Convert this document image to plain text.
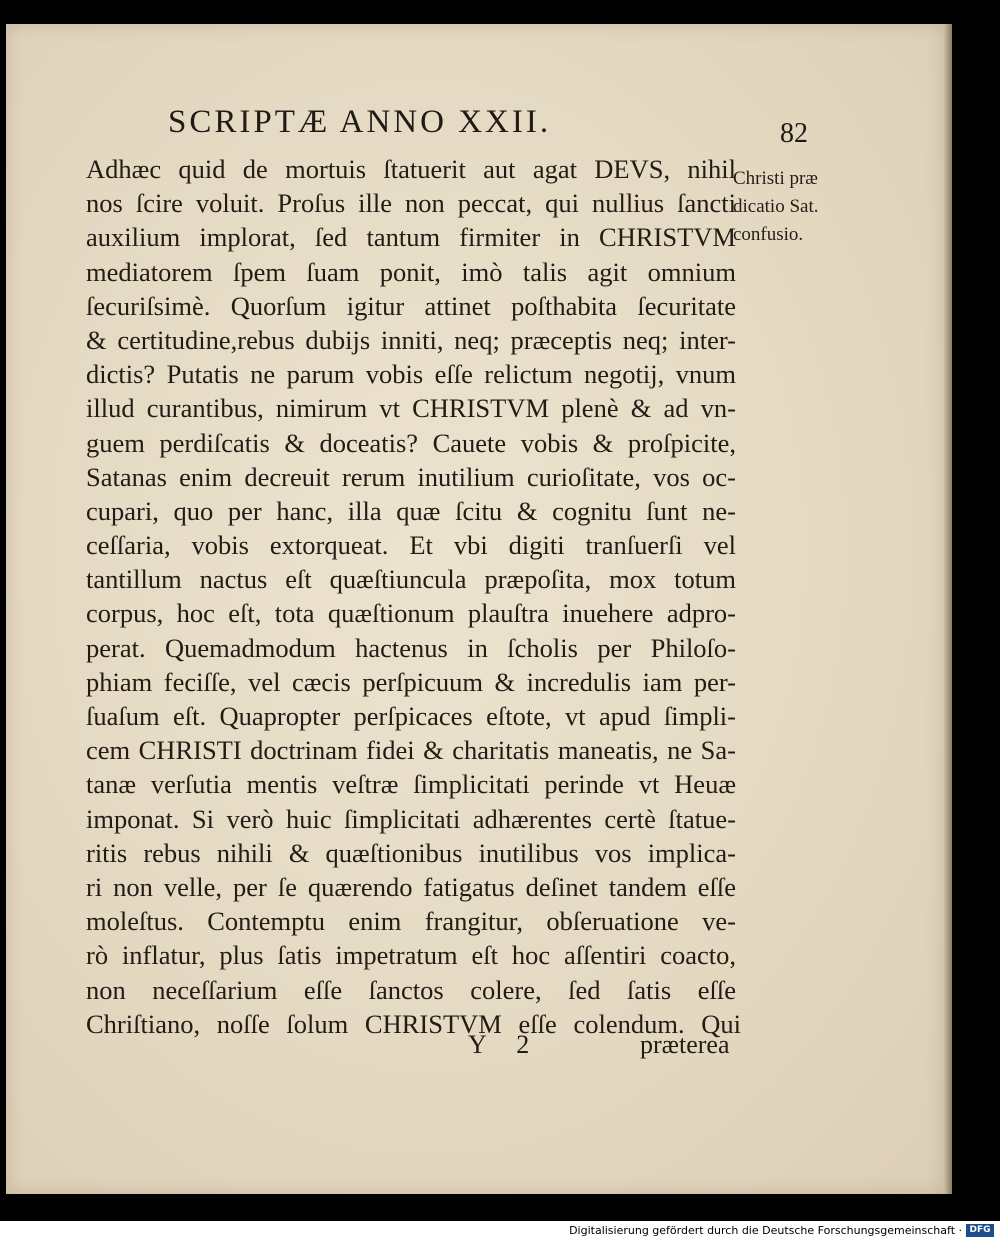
SCRIPTÆ ANNO XXII.	82
Christi præ
dicatio Sat.
confusio.
Adhæc quid de mortuis ſtatuerit aut agat DEVS, nihil
nos ſcire voluit. Proſus ille non peccat, qui nullius ſancti
auxilium implorat, ſed tantum firmiter in CHRISTVM
mediatorem ſpem ſuam ponit, imò talis agit omnium
ſecuriſsimè. Quorſum igitur attinet poſthabita ſecuritate
& certitudine,rebus dubijs inniti, neq; præceptis neq; inter-
dictis? Putatis ne parum vobis eſſe relictum negotij, vnum
illud curantibus, nimirum vt CHRISTVM plenè & ad vn-
guem perdiſcatis & doceatis? Cauete vobis & proſpicite,
Satanas enim decreuit rerum inutilium curioſitate, vos oc-
cupari, quo per hanc, illa quæ ſcitu & cognitu ſunt ne-
ceſſaria, vobis extorqueat. Et vbi digiti tranſuerſi vel
tantillum nactus eſt quæſtiuncula præpoſita, mox totum
corpus, hoc eſt, tota quæſtionum plauſtra inuehere adpro-
perat. Quemadmodum hactenus in ſcholis per Philoſo-
phiam feciſſe, vel cæcis perſpicuum & incredulis iam per-
ſuaſum eſt. Quapropter perſpicaces eſtote, vt apud ſimpli-
cem CHRISTI doctrinam fidei & charitatis maneatis, ne Sa-
tanæ verſutia mentis veſtræ ſimplicitati perinde vt Heuæ
imponat. Si verò huic ſimplicitati adhærentes certè ſtatue-
ritis rebus nihili & quæſtionibus inutilibus vos implica-
ri non velle, per ſe quærendo fatigatus deſinet tandem eſſe
moleſtus. Contemptu enim frangitur, obſeruatione ve-
rò inflatur, plus ſatis impetratum eſt hoc aſſentiri coacto,
non neceſſarium eſſe ſanctos colere, ſed ſatis eſſe
Chriſtiano, noſſe ſolum CHRISTVM eſſe colendum. Qui
Y 2	præterea
Digitalisierung gefördert durch die Deutsche Forschungsgemeinschaft · DFG
